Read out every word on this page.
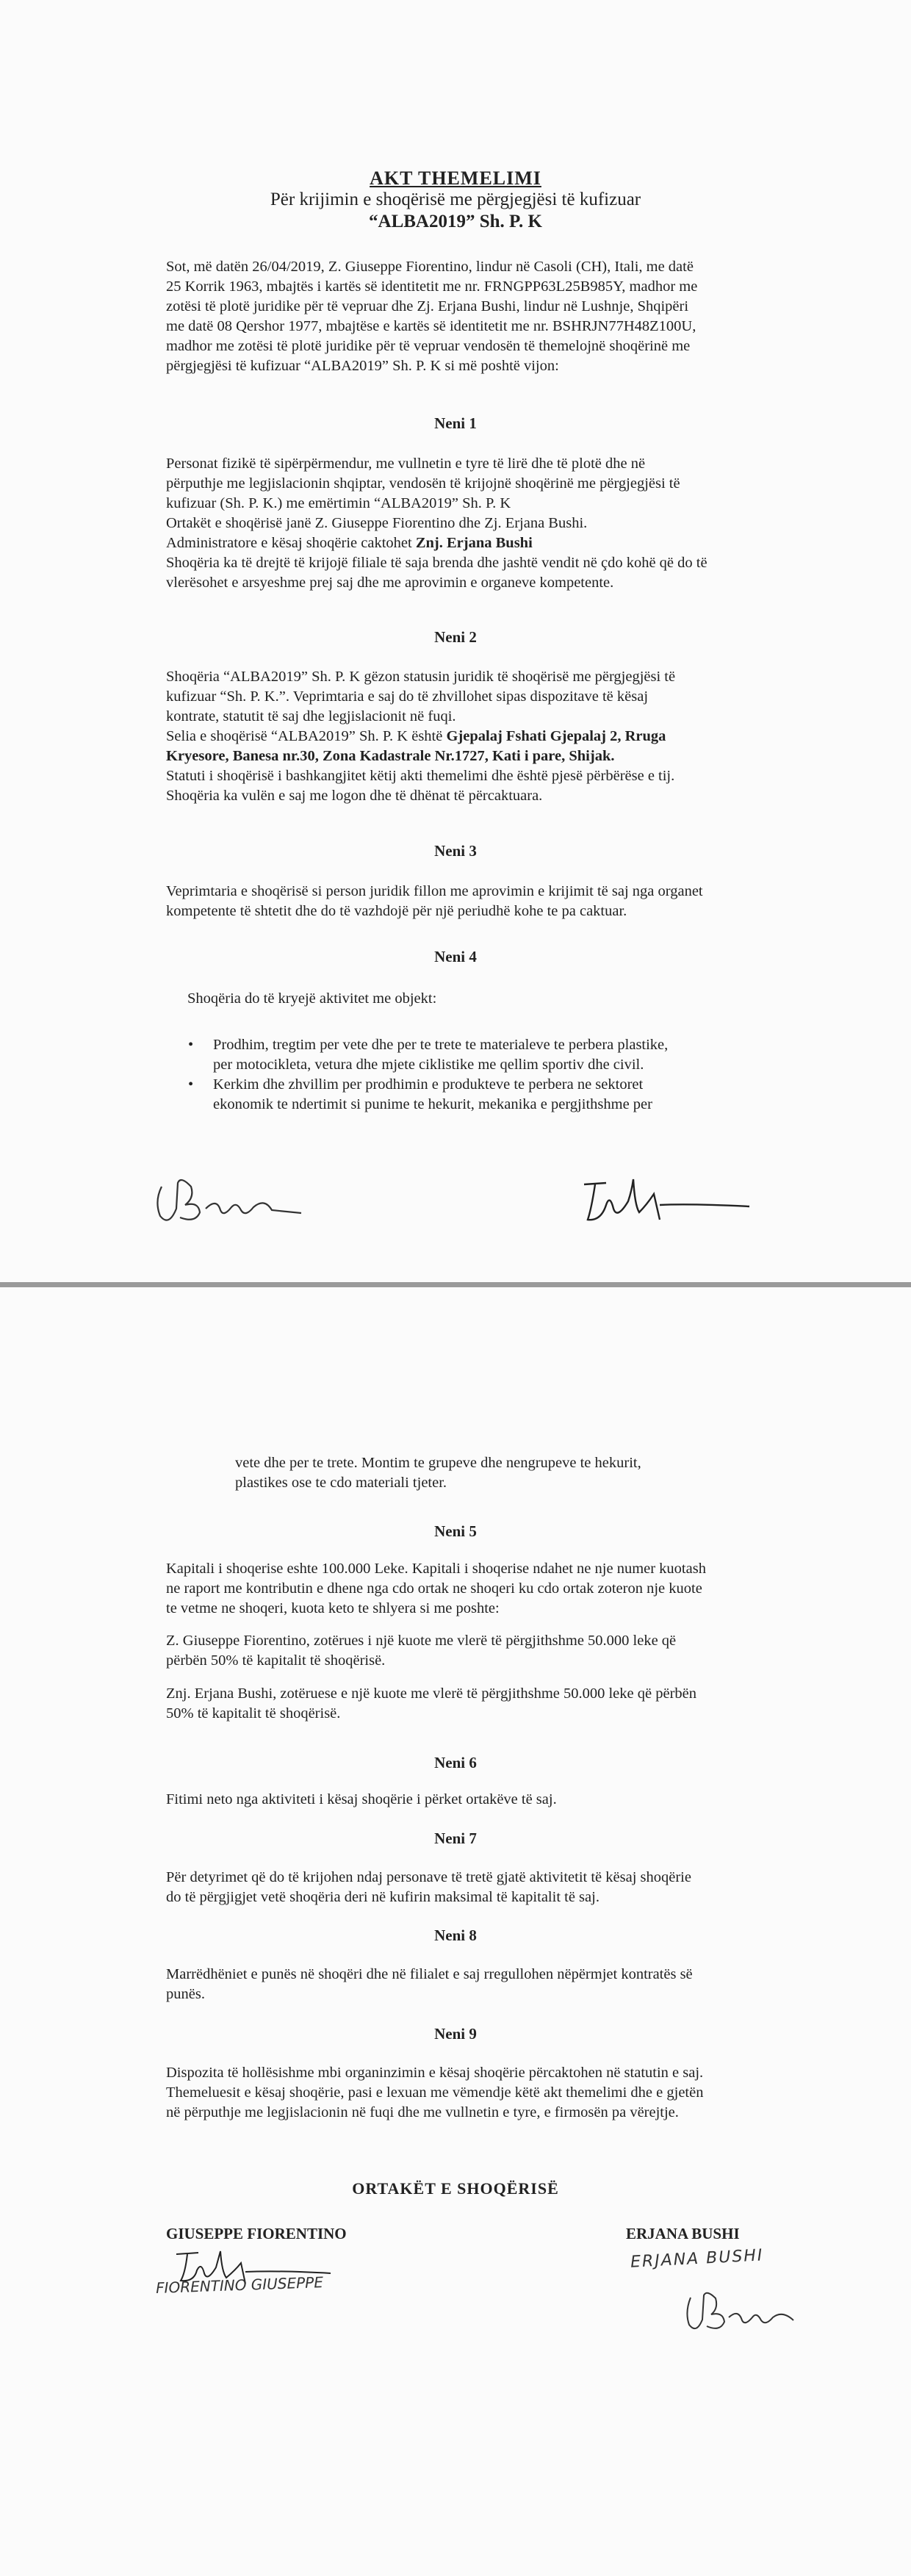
AKT THEMELIMI
Për krijimin e shoqërisë me përgjegjësi të kufizuar
“ALBA2019” Sh. P. K
Sot, më datën 26/04/2019, Z. Giuseppe Fiorentino, lindur në Casoli (CH), Itali, me datë
25 Korrik 1963, mbajtës i kartës së identitetit me nr. FRNGPP63L25B985Y, madhor me
zotësi të plotë juridike për të vepruar dhe Zj. Erjana Bushi, lindur në Lushnje, Shqipëri
me datë 08 Qershor 1977, mbajtëse e kartës së identitetit me nr. BSHRJN77H48Z100U,
madhor me zotësi të plotë juridike për të vepruar vendosën të themelojnë shoqërinë me
përgjegjësi të kufizuar “ALBA2019” Sh. P. K si më poshtë vijon:
Neni 1
Personat fizikë të sipërpërmendur, me vullnetin e tyre të lirë dhe të plotë dhe në
përputhje me legjislacionin shqiptar, vendosën të krijojnë shoqërinë me përgjegjësi të
kufizuar (Sh. P. K.) me emërtimin “ALBA2019” Sh. P. K
Ortakët e shoqërisë janë Z. Giuseppe Fiorentino dhe Zj. Erjana Bushi.
Administratore e kësaj shoqërie caktohet Znj. Erjana Bushi
Shoqëria ka të drejtë të krijojë filiale të saja brenda dhe jashtë vendit në çdo kohë që do të
vlerësohet e arsyeshme prej saj dhe me aprovimin e organeve kompetente.
Neni 2
Shoqëria “ALBA2019” Sh. P. K gëzon statusin juridik të shoqërisë me përgjegjësi të
kufizuar “Sh. P. K.”. Veprimtaria e saj do të zhvillohet sipas dispozitave të kësaj
kontrate, statutit të saj dhe legjislacionit në fuqi.
Selia e shoqërisë “ALBA2019” Sh. P. K është Gjepalaj Fshati Gjepalaj 2, Rruga
Kryesore, Banesa nr.30, Zona Kadastrale Nr.1727, Kati i pare, Shijak.
Statuti i shoqërisë i bashkangjitet këtij akti themelimi dhe është pjesë përbërëse e tij.
Shoqëria ka vulën e saj me logon dhe të dhënat të përcaktuara.
Neni 3
Veprimtaria e shoqërisë si person juridik fillon me aprovimin e krijimit të saj nga organet
kompetente të shtetit dhe do të vazhdojë për një periudhë kohe te pa caktuar.
Neni 4
Shoqëria do të kryejë aktivitet me objekt:
• Prodhim, tregtim per vete dhe per te trete te materialeve te perbera plastike,
per motocikleta, vetura dhe mjete ciklistike me qellim sportiv dhe civil.
• Kerkim dhe zhvillim per prodhimin e produkteve te perbera ne sektoret
ekonomik te ndertimit si punime te hekurit, mekanika e pergjithshme per
vete dhe per te trete. Montim te grupeve dhe nengrupeve te hekurit,
plastikes ose te cdo materiali tjeter.
Neni 5
Kapitali i shoqerise eshte 100.000 Leke. Kapitali i shoqerise ndahet ne nje numer kuotash
ne raport me kontributin e dhene nga cdo ortak ne shoqeri ku cdo ortak zoteron nje kuote
te vetme ne shoqeri, kuota keto te shlyera si me poshte:
Z. Giuseppe Fiorentino, zotërues i një kuote me vlerë të përgjithshme 50.000 leke që
përbën 50% të kapitalit të shoqërisë.
Znj. Erjana Bushi, zotëruese e një kuote me vlerë të përgjithshme 50.000 leke që përbën
50% të kapitalit të shoqërisë.
Neni 6
Fitimi neto nga aktiviteti i kësaj shoqërie i përket ortakëve të saj.
Neni 7
Për detyrimet që do të krijohen ndaj personave të tretë gjatë aktivitetit të kësaj shoqërie
do të përgjigjet vetë shoqëria deri në kufirin maksimal të kapitalit të saj.
Neni 8
Marrëdhëniet e punës në shoqëri dhe në filialet e saj rregullohen nëpërmjet kontratës së
punës.
Neni 9
Dispozita të hollësishme mbi organinzimin e kësaj shoqërie përcaktohen në statutin e saj.
Themeluesit e kësaj shoqërie, pasi e lexuan me vëmendje këtë akt themelimi dhe e gjetën
në përputhje me legjislacionin në fuqi dhe me vullnetin e tyre, e firmosën pa vërejtje.
ORTAKËT E SHOQËRISË
GIUSEPPE FIORENTINO	ERJANA BUSHI
FIORENTINO GIUSEPPE
ERJANA BUSHI
